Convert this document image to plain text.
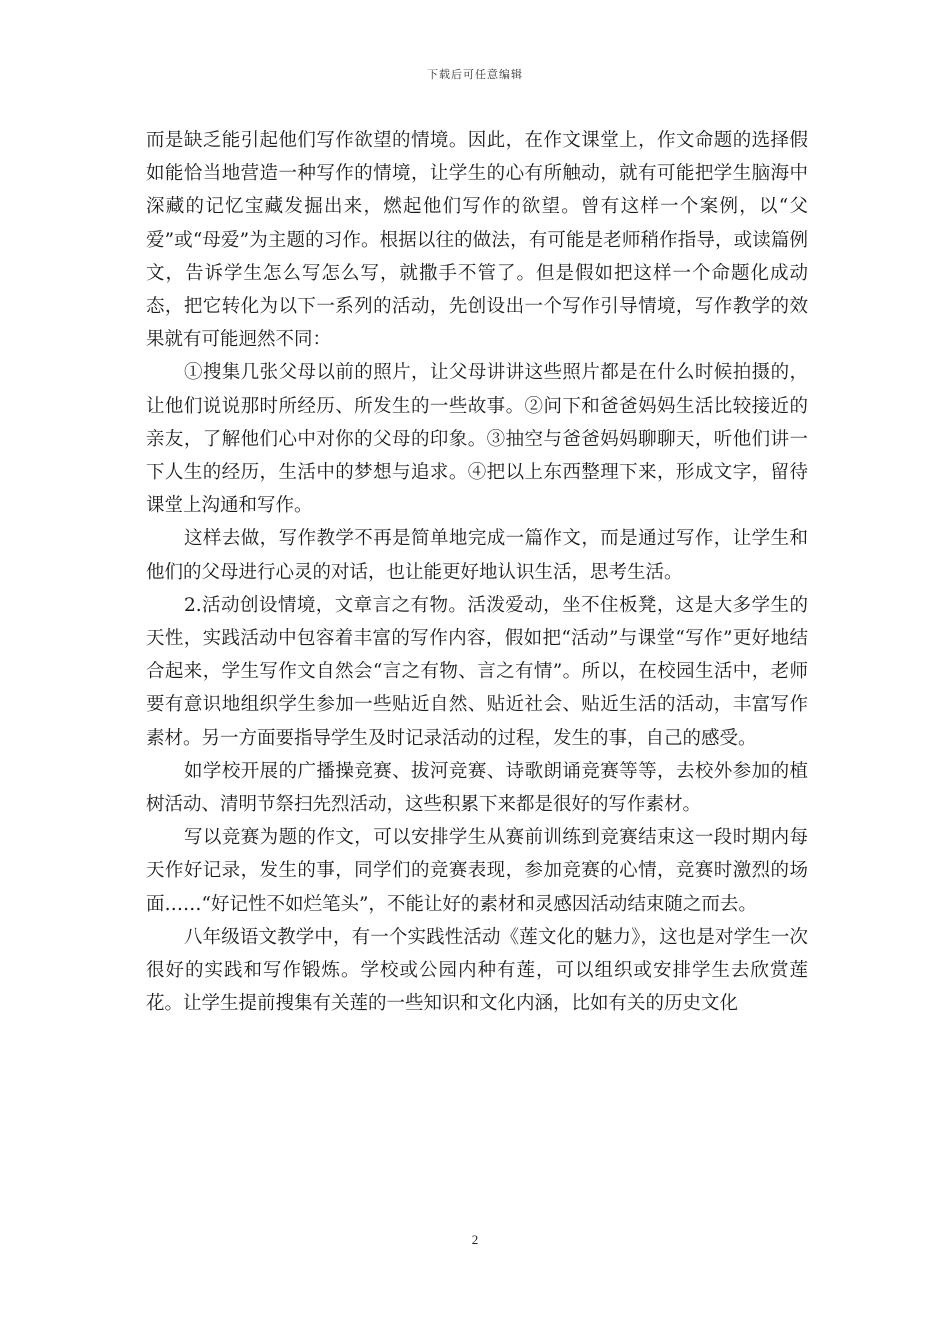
下载后可任意编辑

而是缺乏能引起他们写作欲望的情境。因此，在作文课堂上，作文命题的选择假如能恰当地营造一种写作的情境，让学生的心有所触动，就有可能把学生脑海中深藏的记忆宝藏发掘出来，燃起他们写作的欲望。曾有这样一个案例，以“父爱”或“母爱”为主题的习作。根据以往的做法，有可能是老师稍作指导，或读篇例文，告诉学生怎么写怎么写，就撒手不管了。但是假如把这样一个命题化成动态，把它转化为以下一系列的活动，先创设出一个写作引导情境，写作教学的效果就有可能迥然不同：

①搜集几张父母以前的照片，让父母讲讲这些照片都是在什么时候拍摄的，让他们说说那时所经历、所发生的一些故事。②问下和爸爸妈妈生活比较接近的亲友，了解他们心中对你的父母的印象。③抽空与爸爸妈妈聊聊天，听他们讲一下人生的经历，生活中的梦想与追求。④把以上东西整理下来，形成文字，留待课堂上沟通和写作。

这样去做，写作教学不再是简单地完成一篇作文，而是通过写作，让学生和他们的父母进行心灵的对话，也让能更好地认识生活，思考生活。

2.活动创设情境，文章言之有物。活泼爱动，坐不住板凳，这是大多学生的天性，实践活动中包容着丰富的写作内容，假如把“活动”与课堂“写作”更好地结合起来，学生写作文自然会“言之有物、言之有情”。所以，在校园生活中，老师要有意识地组织学生参加一些贴近自然、贴近社会、贴近生活的活动，丰富写作素材。另一方面要指导学生及时记录活动的过程，发生的事，自己的感受。

如学校开展的广播操竞赛、拔河竞赛、诗歌朗诵竞赛等等，去校外参加的植树活动、清明节祭扫先烈活动，这些积累下来都是很好的写作素材。

写以竞赛为题的作文，可以安排学生从赛前训练到竞赛结束这一段时期内每天作好记录，发生的事，同学们的竞赛表现，参加竞赛的心情，竞赛时激烈的场面……“好记性不如烂笔头”，不能让好的素材和灵感因活动结束随之而去。

八年级语文教学中，有一个实践性活动《莲文化的魅力》，这也是对学生一次很好的实践和写作锻炼。学校或公园内种有莲，可以组织或安排学生去欣赏莲花。让学生提前搜集有关莲的一些知识和文化内涵，比如有关的历史文化

2
